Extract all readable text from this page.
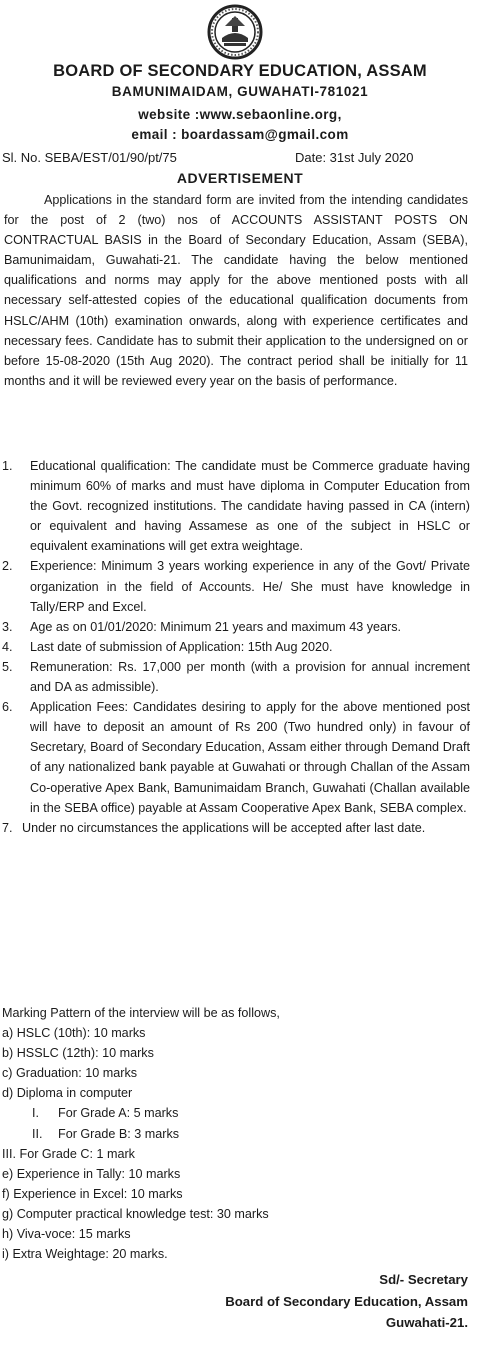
BOARD OF SECONDARY EDUCATION, ASSAM
BAMUNIMAIDAM, GUWAHATI-781021
website :www.sebaonline.org,
email : boardassam@gmail.com
Sl. No. SEBA/EST/01/90/pt/75	Date: 31st July 2020
ADVERTISEMENT

Applications in the standard form are invited from the intending candidates for the post of 2 (two) nos of ACCOUNTS ASSISTANT POSTS ON CONTRACTUAL BASIS in the Board of Secondary Education, Assam (SEBA), Bamunimaidam, Guwahati-21. The candidate having the below mentioned qualifications and norms may apply for the above mentioned posts with all necessary self-attested copies of the educational qualification documents from HSLC/AHM (10th) examination onwards, along with experience certificates and necessary fees. Candidate has to submit their application to the undersigned on or before 15-08-2020 (15th Aug 2020). The contract period shall be initially for 11 months and it will be reviewed every year on the basis of performance.

1. Educational qualification: The candidate must be Commerce graduate having minimum 60% of marks and must have diploma in Computer Education from the Govt. recognized institutions. The candidate having passed in CA (intern) or equivalent and having Assamese as one of the subject in HSLC or equivalent examinations will get extra weightage.
2. Experience: Minimum 3 years working experience in any of the Govt/ Private organization in the field of Accounts. He/ She must have knowledge in Tally/ERP and Excel.
3. Age as on 01/01/2020: Minimum 21 years and maximum 43 years.
4. Last date of submission of Application: 15th Aug 2020.
5. Remuneration: Rs. 17,000 per month (with a provision for annual increment and DA as admissible).
6. Application Fees: Candidates desiring to apply for the above mentioned post will have to deposit an amount of Rs 200 (Two hundred only) in favour of Secretary, Board of Secondary Education, Assam either through Demand Draft of any nationalized bank payable at Guwahati or through Challan of the Assam Co-operative Apex Bank, Bamunimaidam Branch, Guwahati (Challan available in the SEBA office) payable at Assam Cooperative Apex Bank, SEBA complex.
7. Under no circumstances the applications will be accepted after last date.
Marking Pattern of the interview will be as follows,
a) HSLC (10th): 10 marks
b) HSSLC (12th): 10 marks
c) Graduation: 10 marks
d) Diploma in computer
I. For Grade A: 5 marks
II. For Grade B: 3 marks
III. For Grade C: 1 mark
e) Experience in Tally: 10 marks
f) Experience in Excel: 10 marks
g) Computer practical knowledge test: 30 marks
h) Viva-voce: 15 marks
i) Extra Weightage: 20 marks.
Sd/- Secretary
Board of Secondary Education, Assam
Guwahati-21.
